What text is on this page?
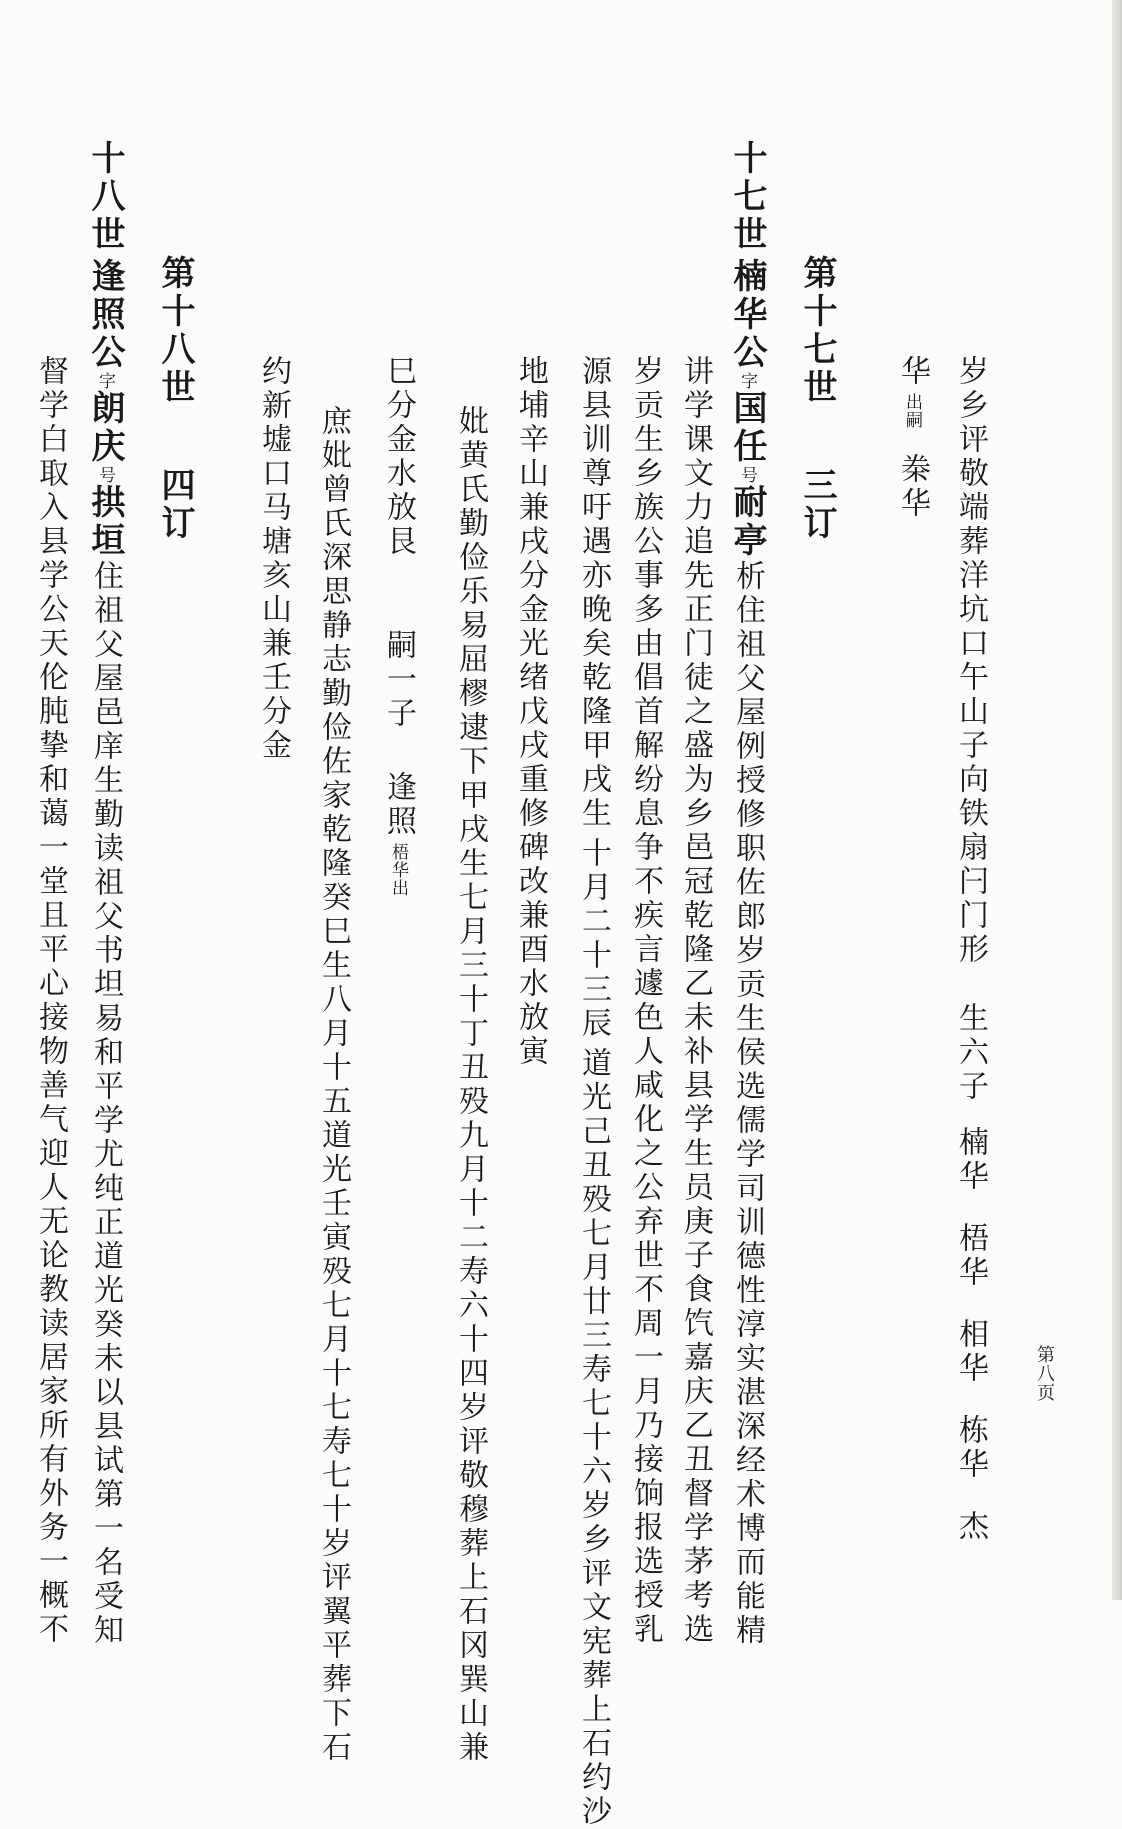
第八页
岁乡评敬端葬洋坑口午山子向铁扇闩门形生六子楠华梧华相华栋华杰
华出嗣桊华
第十七世三订
十七世
楠华公字国任号耐亭析住祖父屋例授修职佐郎岁贡生侯选儒学司训德性淳实湛深经术博而能精
讲学课文力追先正门徒之盛为乡邑冠乾隆乙未补县学生员庚子食饩嘉庆乙丑督学茅考选
岁贡生乡族公事多由倡首解纷息争不疾言遽色人咸化之公弃世不周一月乃接饷报选授乳
源县训尊吁遇亦晚矣乾隆甲戌生十月二十三辰道光己丑殁七月廿三寿七十六岁乡评文宪葬上石约沙
地埔辛山兼戌分金光绪戊戌重修碑改兼酉水放寅
妣黄氏勤俭乐易屈樛逮下甲戌生七月三十丁丑殁九月十二寿六十四岁评敬穆葬上石冈巽山兼
巳分金水放艮嗣一子逢照梧华出
庶妣曾氏深思静志勤俭佐家乾隆癸巳生八月十五道光壬寅殁七月十七寿七十岁评翼平葬下石
约新墟口马塘亥山兼壬分金
第十八世四订
十八世
逢照公字朗庆号拱垣住祖父屋邑庠生勤读祖父书坦易和平学尤纯正道光癸未以县试第一名受知
督学白取入县学公天伦肫挚和蔼一堂且平心接物善气迎人无论教读居家所有外务一概不
